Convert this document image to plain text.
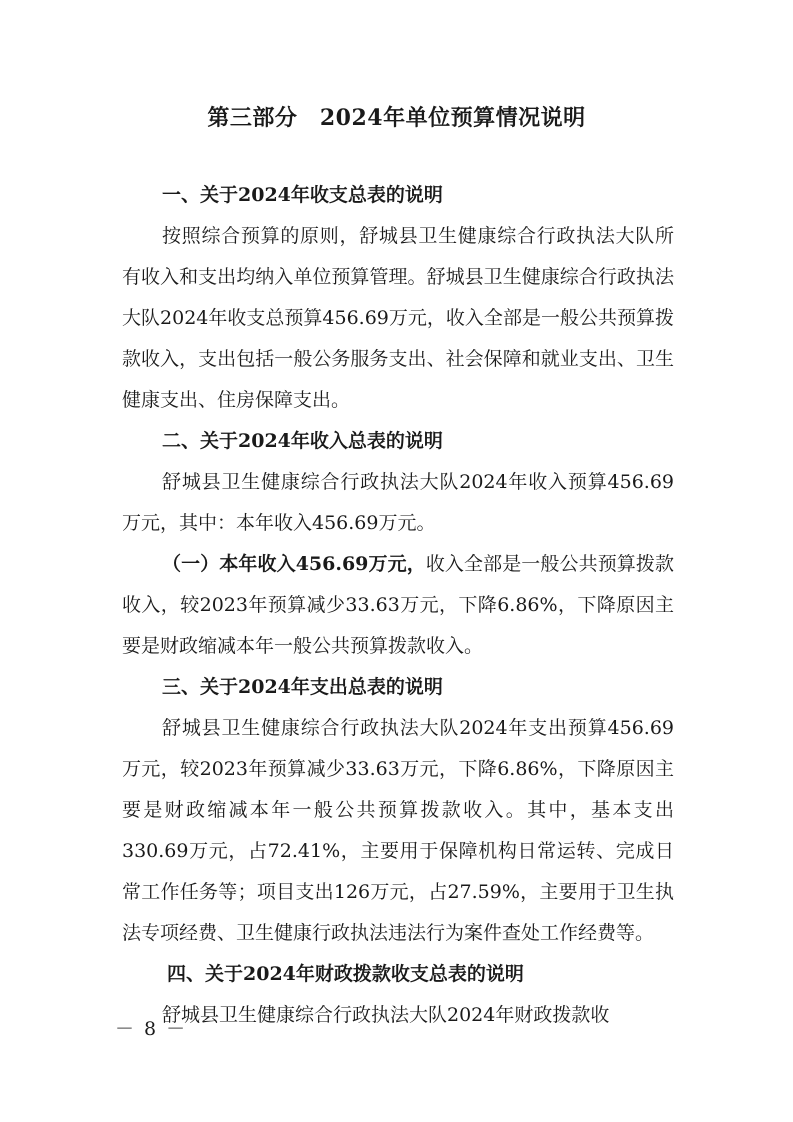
第三部分　2024年单位预算情况说明

一、关于2024年收支总表的说明

按照综合预算的原则，舒城县卫生健康综合行政执法大队所有收入和支出均纳入单位预算管理。舒城县卫生健康综合行政执法大队2024年收支总预算456.69万元，收入全部是一般公共预算拨款收入，支出包括一般公务服务支出、社会保障和就业支出、卫生健康支出、住房保障支出。

二、关于2024年收入总表的说明

舒城县卫生健康综合行政执法大队2024年收入预算456.69万元，其中：本年收入456.69万元。

（一）本年收入456.69万元，收入全部是一般公共预算拨款收入，较2023年预算减少33.63万元，下降6.86%，下降原因主要是财政缩减本年一般公共预算拨款收入。

三、关于2024年支出总表的说明

舒城县卫生健康综合行政执法大队2024年支出预算456.69万元，较2023年预算减少33.63万元，下降6.86%，下降原因主要是财政缩减本年一般公共预算拨款收入。其中，基本支出330.69万元，占72.41%，主要用于保障机构日常运转、完成日常工作任务等；项目支出126万元，占27.59%，主要用于卫生执法专项经费、卫生健康行政执法违法行为案件查处工作经费等。

四、关于2024年财政拨款收支总表的说明

舒城县卫生健康综合行政执法大队2024年财政拨款收

－ 8 －
